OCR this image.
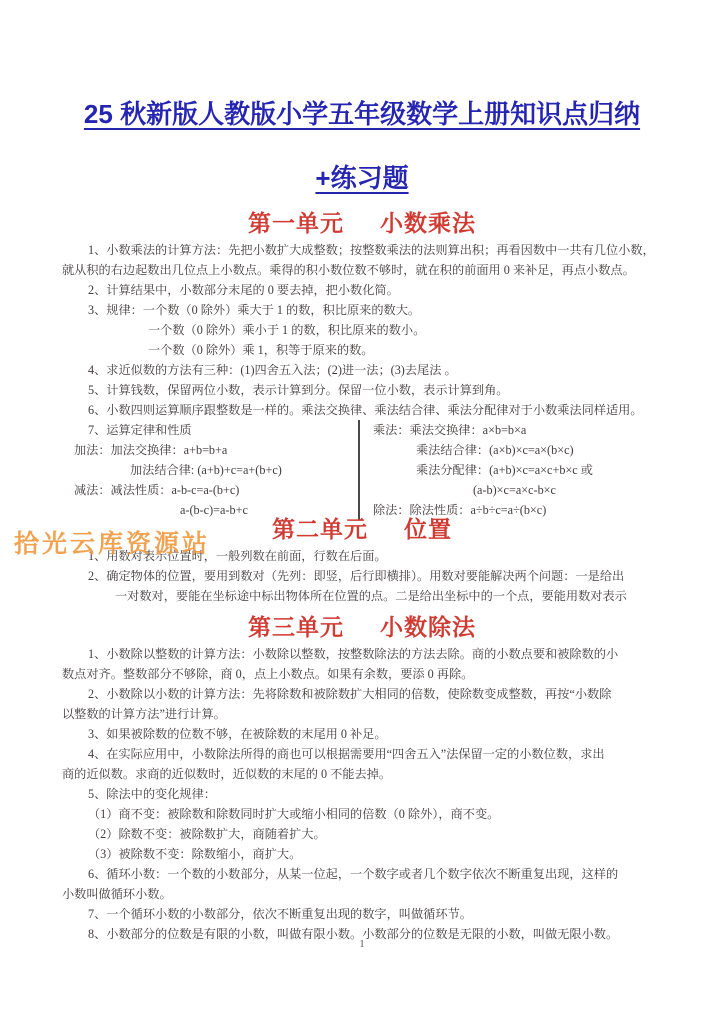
拾光云库资源站
25 秋新版人教版小学五年级数学上册知识点归纳
+练习题
第一单元 小数乘法

1、小数乘法的计算方法：先把小数扩大成整数；按整数乘法的法则算出积；再看因数中一共有几位小数，

就从积的右边起数出几位点上小数点。乘得的积小数位数不够时，就在积的前面用 0 来补足，再点小数点。

2、计算结果中，小数部分末尾的 0 要去掉，把小数化简。

3、规律：一个数（0 除外）乘大于 1 的数，积比原来的数大。

一个数（0 除外）乘小于 1 的数，积比原来的数小。

一个数（0 除外）乘 1，积等于原来的数。

4、求近似数的方法有三种：(1)四舍五入法；(2)进一法；(3)去尾法 。

5、计算钱数，保留两位小数，表示计算到分。保留一位小数，表示计算到角。

6、小数四则运算顺序跟整数是一样的。乘法交换律、乘法结合律、乘法分配律对于小数乘法同样适用。

7、运算定律和性质

加法：加法交换律：a+b=b+a

加法结合律: (a+b)+c=a+(b+c)

减法：减法性质：a-b-c=a-(b+c)

a-(b-c)=a-b+c

乘法：乘法交换律：a×b=b×a

乘法结合律：(a×b)×c=a×(b×c)

乘法分配律：(a+b)×c=a×c+b×c 或

(a-b)×c=a×c-b×c

除法：除法性质：a÷b÷c=a÷(b×c)

第二单元 位置

1、用数对表示位置时，一般列数在前面，行数在后面。

2、确定物体的位置，要用到数对（先列：即竖，后行即横排）。用数对要能解决两个问题：一是给出

一对数对，要能在坐标途中标出物体所在位置的点。二是给出坐标中的一个点，要能用数对表示

第三单元 小数除法

1、小数除以整数的计算方法：小数除以整数，按整数除法的方法去除。商的小数点要和被除数的小

数点对齐。整数部分不够除，商 0，点上小数点。如果有余数，要添 0 再除。

2、小数除以小数的计算方法：先将除数和被除数扩大相同的倍数，使除数变成整数，再按“小数除

以整数的计算方法”进行计算。

3、如果被除数的位数不够，在被除数的末尾用 0 补足。

4、在实际应用中，小数除法所得的商也可以根据需要用“四舍五入”法保留一定的小数位数，求出

商的近似数。求商的近似数时，近似数的末尾的 0 不能去掉。

5、除法中的变化规律：

（1）商不变：被除数和除数同时扩大或缩小相同的倍数（0 除外），商不变。

（2）除数不变：被除数扩大，商随着扩大。

（3）被除数不变：除数缩小，商扩大。

6、循环小数：一个数的小数部分，从某一位起，一个数字或者几个数字依次不断重复出现，这样的

小数叫做循环小数。

7、一个循环小数的小数部分，依次不断重复出现的数字，叫做循环节。

8、小数部分的位数是有限的小数，叫做有限小数。小数部分的位数是无限的小数，叫做无限小数。

1
